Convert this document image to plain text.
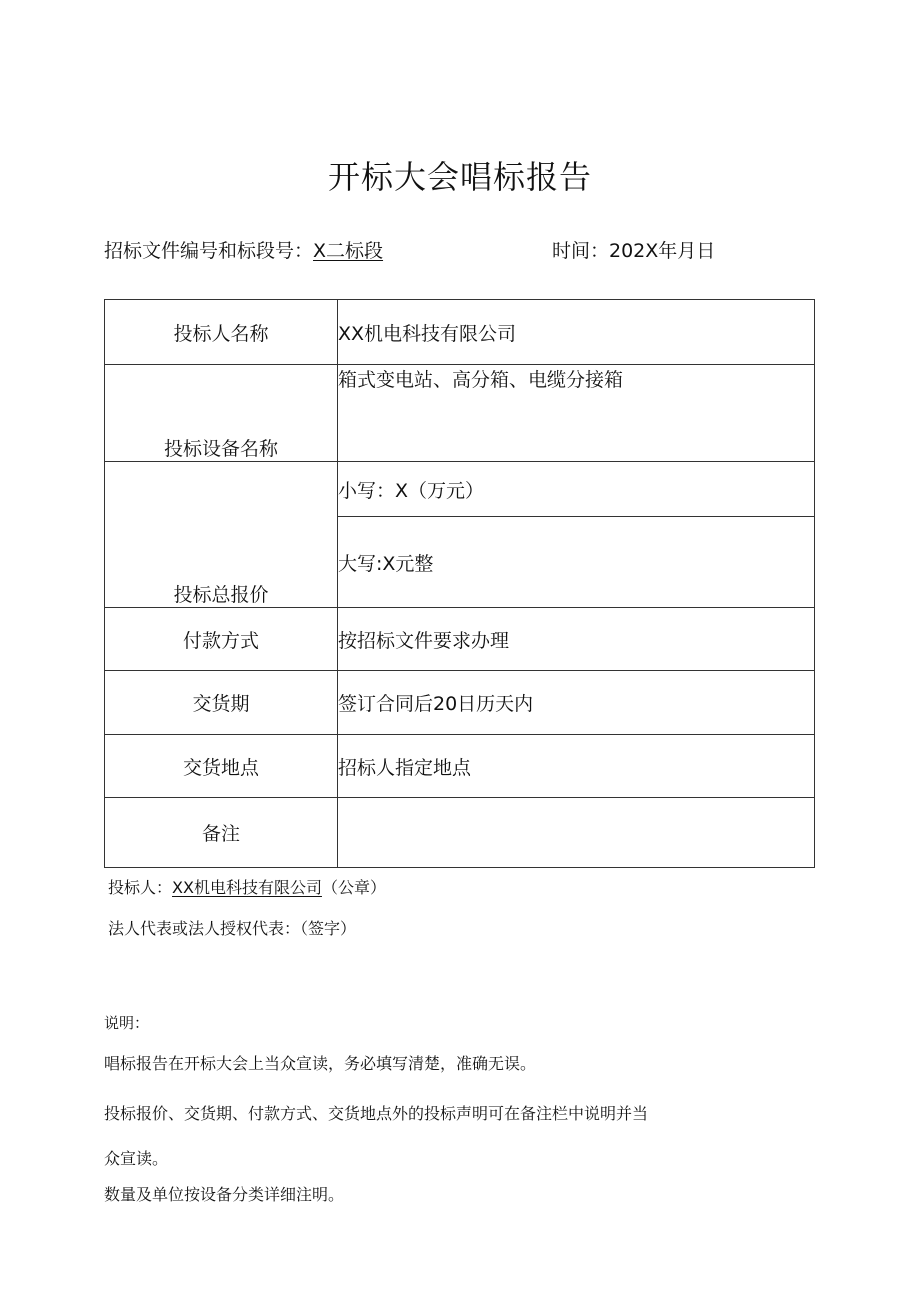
开标大会唱标报告
招标文件编号和标段号：X二标段	时间：202X年月日
投标人名称	XX机电科技有限公司
投标设备名称	箱式变电站、高分箱、电缆分接箱
投标总报价	小写：X（万元）
	大写:X元整
付款方式	按招标文件要求办理
交货期	签订合同后20日历天内
交货地点	招标人指定地点
备注	
投标人：XX机电科技有限公司（公章）
法人代表或法人授权代表：（签字）
说明：
唱标报告在开标大会上当众宣读，务必填写清楚，准确无误。
投标报价、交货期、付款方式、交货地点外的投标声明可在备注栏中说明并当
众宣读。
数量及单位按设备分类详细注明。
